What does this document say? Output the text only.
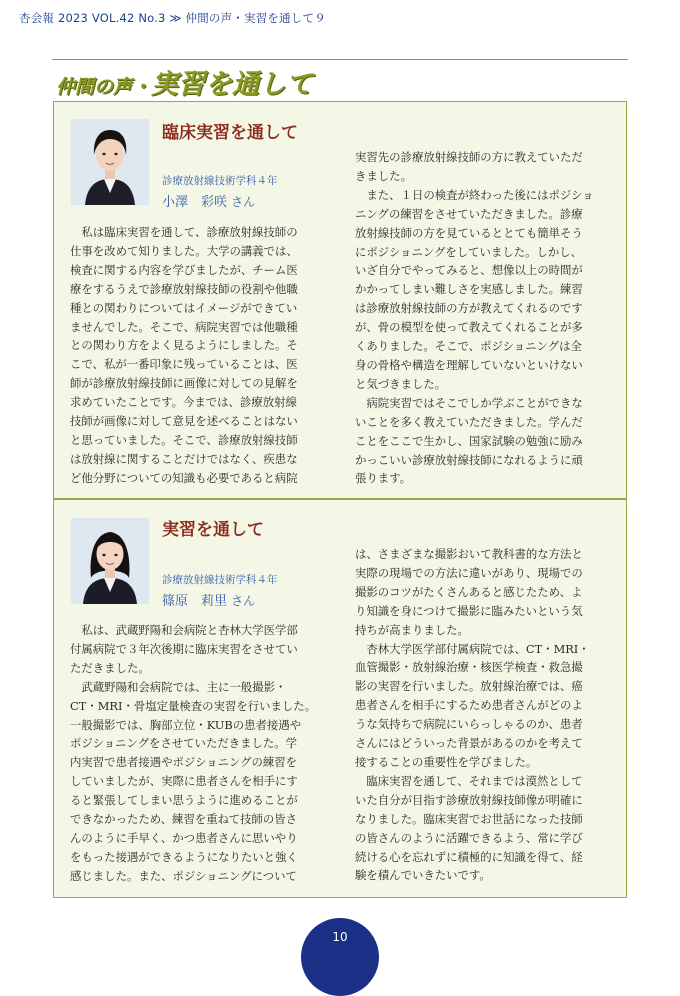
杏会報 2023 VOL.42 No.3 ≫ 仲間の声・実習を通して９
仲間の声・実習を通して
臨床実習を通して
診療放射線技術学科４年
小澤　彩咲 さん

　私は臨床実習を通して、診療放射線技師の

仕事を改めて知りました。大学の講義では、

検査に関する内容を学びましたが、チーム医

療をするうえで診療放射線技師の役割や他職

種との関わりについてはイメージができてい

ませんでした。そこで、病院実習では他職種

との関わり方をよく見るようにしました。そ

こで、私が一番印象に残っていることは、医

師が診療放射線技師に画像に対しての見解を

求めていたことです。今までは、診療放射線

技師が画像に対して意見を述べることはない

と思っていました。そこで、診療放射線技師

は放射線に関することだけではなく、疾患な

ど他分野についての知識も必要であると病院

実習先の診療放射線技師の方に教えていただ

きました。

　また、１日の検査が終わった後にはポジショ

ニングの練習をさせていただきました。診療

放射線技師の方を見ているととても簡単そう

にポジショニングをしていました。しかし、

いざ自分でやってみると、想像以上の時間が

かかってしまい難しさを実感しました。練習

は診療放射線技師の方が教えてくれるのです

が、骨の模型を使って教えてくれることが多

くありました。そこで、ポジショニングは全

身の骨格や構造を理解していないといけない

と気づきました。

　病院実習ではそこでしか学ぶことができな

いことを多く教えていただきました。学んだ

ことをここで生かし、国家試験の勉強に励み

かっこいい診療放射線技師になれるように頑

張ります。

実習を通して
診療放射線技術学科４年
篠原　莉里 さん

　私は、武蔵野陽和会病院と杏林大学医学部

付属病院で３年次後期に臨床実習をさせてい

ただきました。

　武蔵野陽和会病院では、主に一般撮影・

CT・MRI・骨塩定量検査の実習を行いました。

一般撮影では、胸部立位・KUBの患者接遇や

ポジショニングをさせていただきました。学

内実習で患者接遇やポジショニングの練習を

していましたが、実際に患者さんを相手にす

ると緊張してしまい思うように進めることが

できなかったため、練習を重ねて技師の皆さ

んのように手早く、かつ患者さんに思いやり

をもった接遇ができるようになりたいと強く

感じました。また、ポジショニングについて

は、さまざまな撮影おいて教科書的な方法と

実際の現場での方法に違いがあり、現場での

撮影のコツがたくさんあると感じたため、よ

り知識を身につけて撮影に臨みたいという気

持ちが高まりました。

　杏林大学医学部付属病院では、CT・MRI・

血管撮影・放射線治療・核医学検査・救急撮

影の実習を行いました。放射線治療では、癌

患者さんを相手にするため患者さんがどのよ

うな気持ちで病院にいらっしゃるのか、患者

さんにはどういった背景があるのかを考えて

接することの重要性を学びました。

　臨床実習を通して、それまでは漠然として

いた自分が目指す診療放射線技師像が明確に

なりました。臨床実習でお世話になった技師

の皆さんのように活躍できるよう、常に学び

続ける心を忘れずに積極的に知識を得て、経

験を積んでいきたいです。

10
